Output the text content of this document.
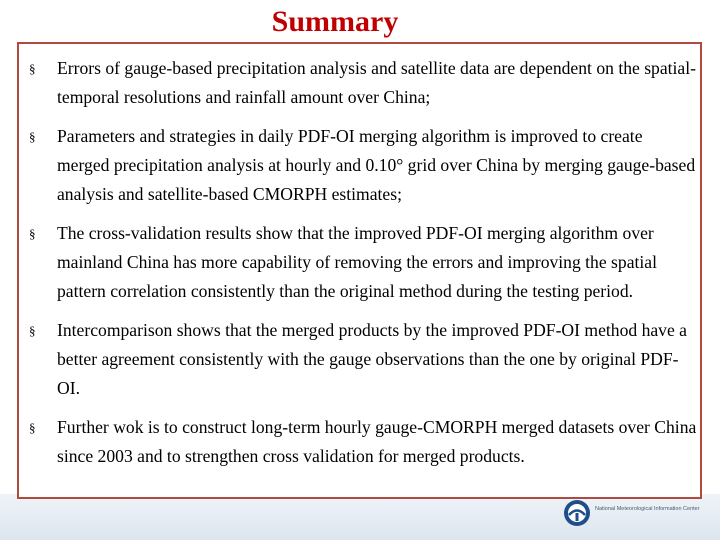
Summary
§ Errors of gauge-based precipitation analysis and satellite data are dependent on the spatial-temporal resolutions and rainfall amount over China;
§ Parameters and strategies in daily PDF-OI merging algorithm is improved to create merged precipitation analysis at hourly and 0.10° grid over China by merging gauge-based analysis and satellite-based CMORPH estimates;
§ The cross-validation results show that the improved PDF-OI merging algorithm over mainland China has more capability of removing the errors and improving the spatial pattern correlation consistently than the original method during the testing period.
§ Intercomparison shows that the merged products by the improved PDF-OI method have a better agreement consistently with the gauge observations than the one by original PDF-OI.
§ Further wok is to construct long-term hourly gauge-CMORPH merged datasets over China since 2003 and to strengthen cross validation for merged products.
National Meteorological Information Center
